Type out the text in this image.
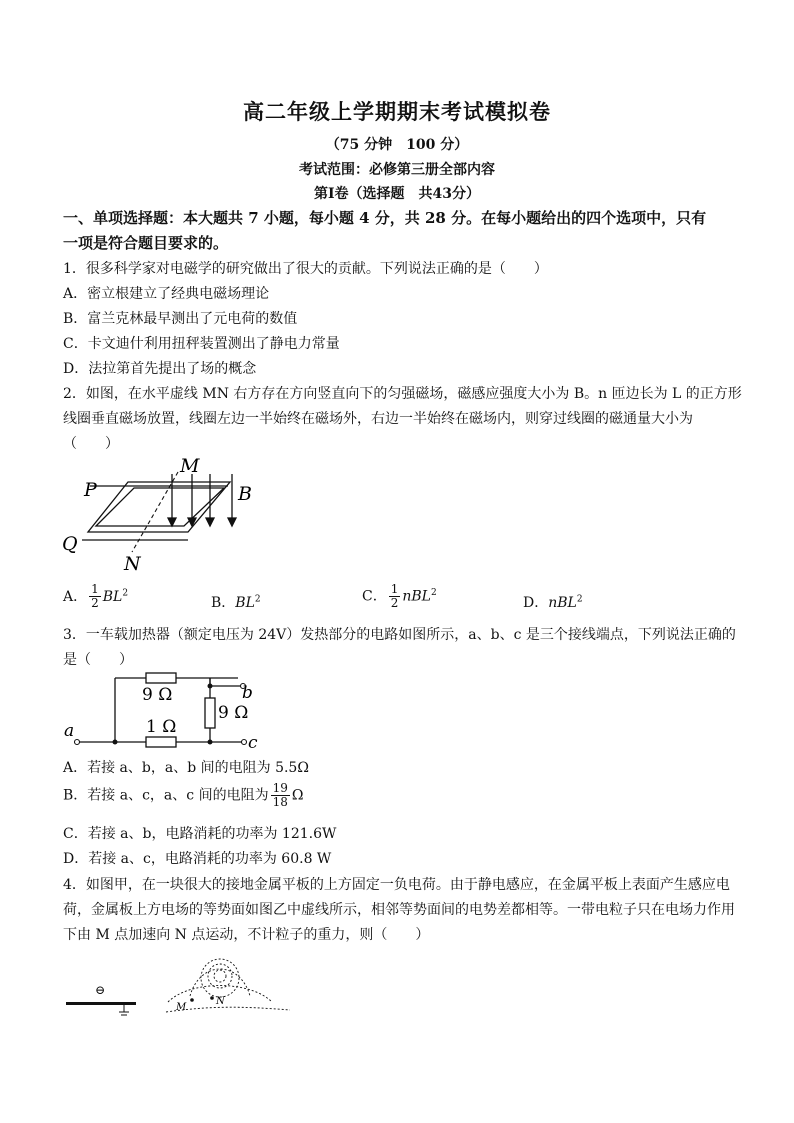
高二年级上学期期末考试模拟卷
（75 分钟　100 分）
考试范围：必修第三册全部内容
第Ⅰ卷（选择题　共43分）
一、单项选择题：本大题共 7 小题，每小题 4 分，共 28 分。在每小题给出的四个选项中，只有
一项是符合题目要求的。
1．很多科学家对电磁学的研究做出了很大的贡献。下列说法正确的是（　　）
A．密立根建立了经典电磁场理论
B．富兰克林最早测出了元电荷的数值
C．卡文迪什利用扭秤装置测出了静电力常量
D．法拉第首先提出了场的概念
2．如图，在水平虚线 MN 右方存在方向竖直向下的匀强磁场，磁感应强度大小为 B。n 匝边长为 L 的正方形
线圈垂直磁场放置，线圈左边一半始终在磁场外，右边一半始终在磁场内，则穿过线圈的磁通量大小为
（　　）
P
Q
M
N
B
A． $\frac{1}{2} BL^2$
B．$BL^2$	C． $\frac{1}{2} nBL^2$
D．nBL$^2$
3．一车载加热器（额定电压为 24V）发热部分的电路如图所示，a、b、c 是三个接线端点，下列说法正确的
是（　　）
9 Ω
9 Ω
1 Ω
a
b
c
A．若接 a、b，a、b 间的电阻为 5.5Ω
B．若接 a、c，a、c 间的电阻为 $\frac{19}{18}$ Ω
C．若接 a、b，电路消耗的功率为 121.6W
D．若接 a、c，电路消耗的功率为 60.8 W
4．如图甲，在一块很大的接地金属平板的上方固定一负电荷。由于静电感应，在金属平板上表面产生感应电
荷，金属板上方电场的等势面如图乙中虚线所示，相邻等势面间的电势差都相等。一带电粒子只在电场力作用
下由 M 点加速向 N 点运动，不计粒子的重力，则（　　）
⊖
M
N
